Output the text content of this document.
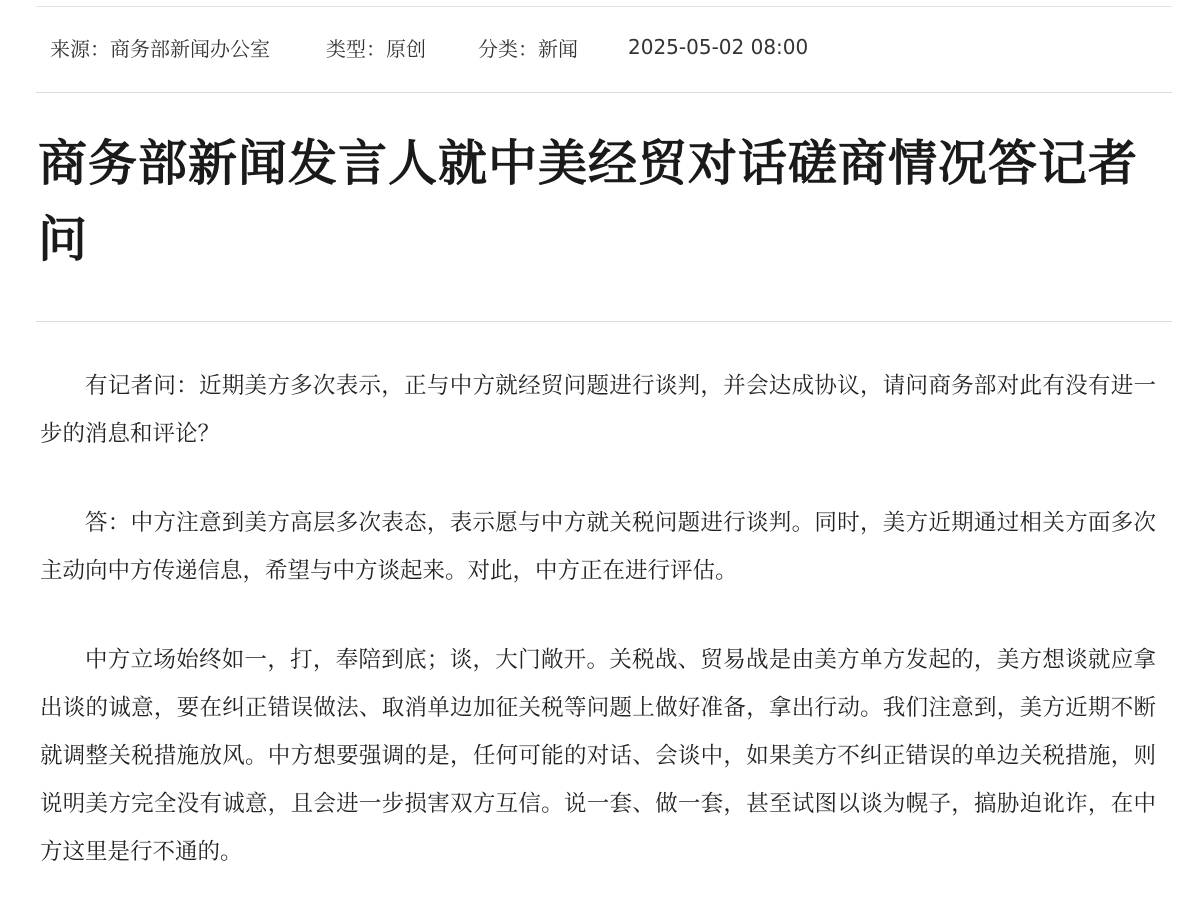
来源： 商务部新闻办公室	类型： 原创	分类： 新闻	2025-05-02 08:00
商务部新闻发言人就中美经贸对话磋商情况答记者问

有记者问：近期美方多次表示，正与中方就经贸问题进行谈判，并会达成协议，请问商务部对此有没有进一步的消息和评论？

答：中方注意到美方高层多次表态，表示愿与中方就关税问题进行谈判。同时，美方近期通过相关方面多次主动向中方传递信息，希望与中方谈起来。对此，中方正在进行评估。

中方立场始终如一，打，奉陪到底；谈，大门敞开。关税战、贸易战是由美方单方发起的，美方想谈就应拿出谈的诚意，要在纠正错误做法、取消单边加征关税等问题上做好准备，拿出行动。我们注意到，美方近期不断就调整关税措施放风。中方想要强调的是，任何可能的对话、会谈中，如果美方不纠正错误的单边关税措施，则说明美方完全没有诚意，且会进一步损害双方互信。说一套、做一套，甚至试图以谈为幌子，搞胁迫讹诈，在中方这里是行不通的。
